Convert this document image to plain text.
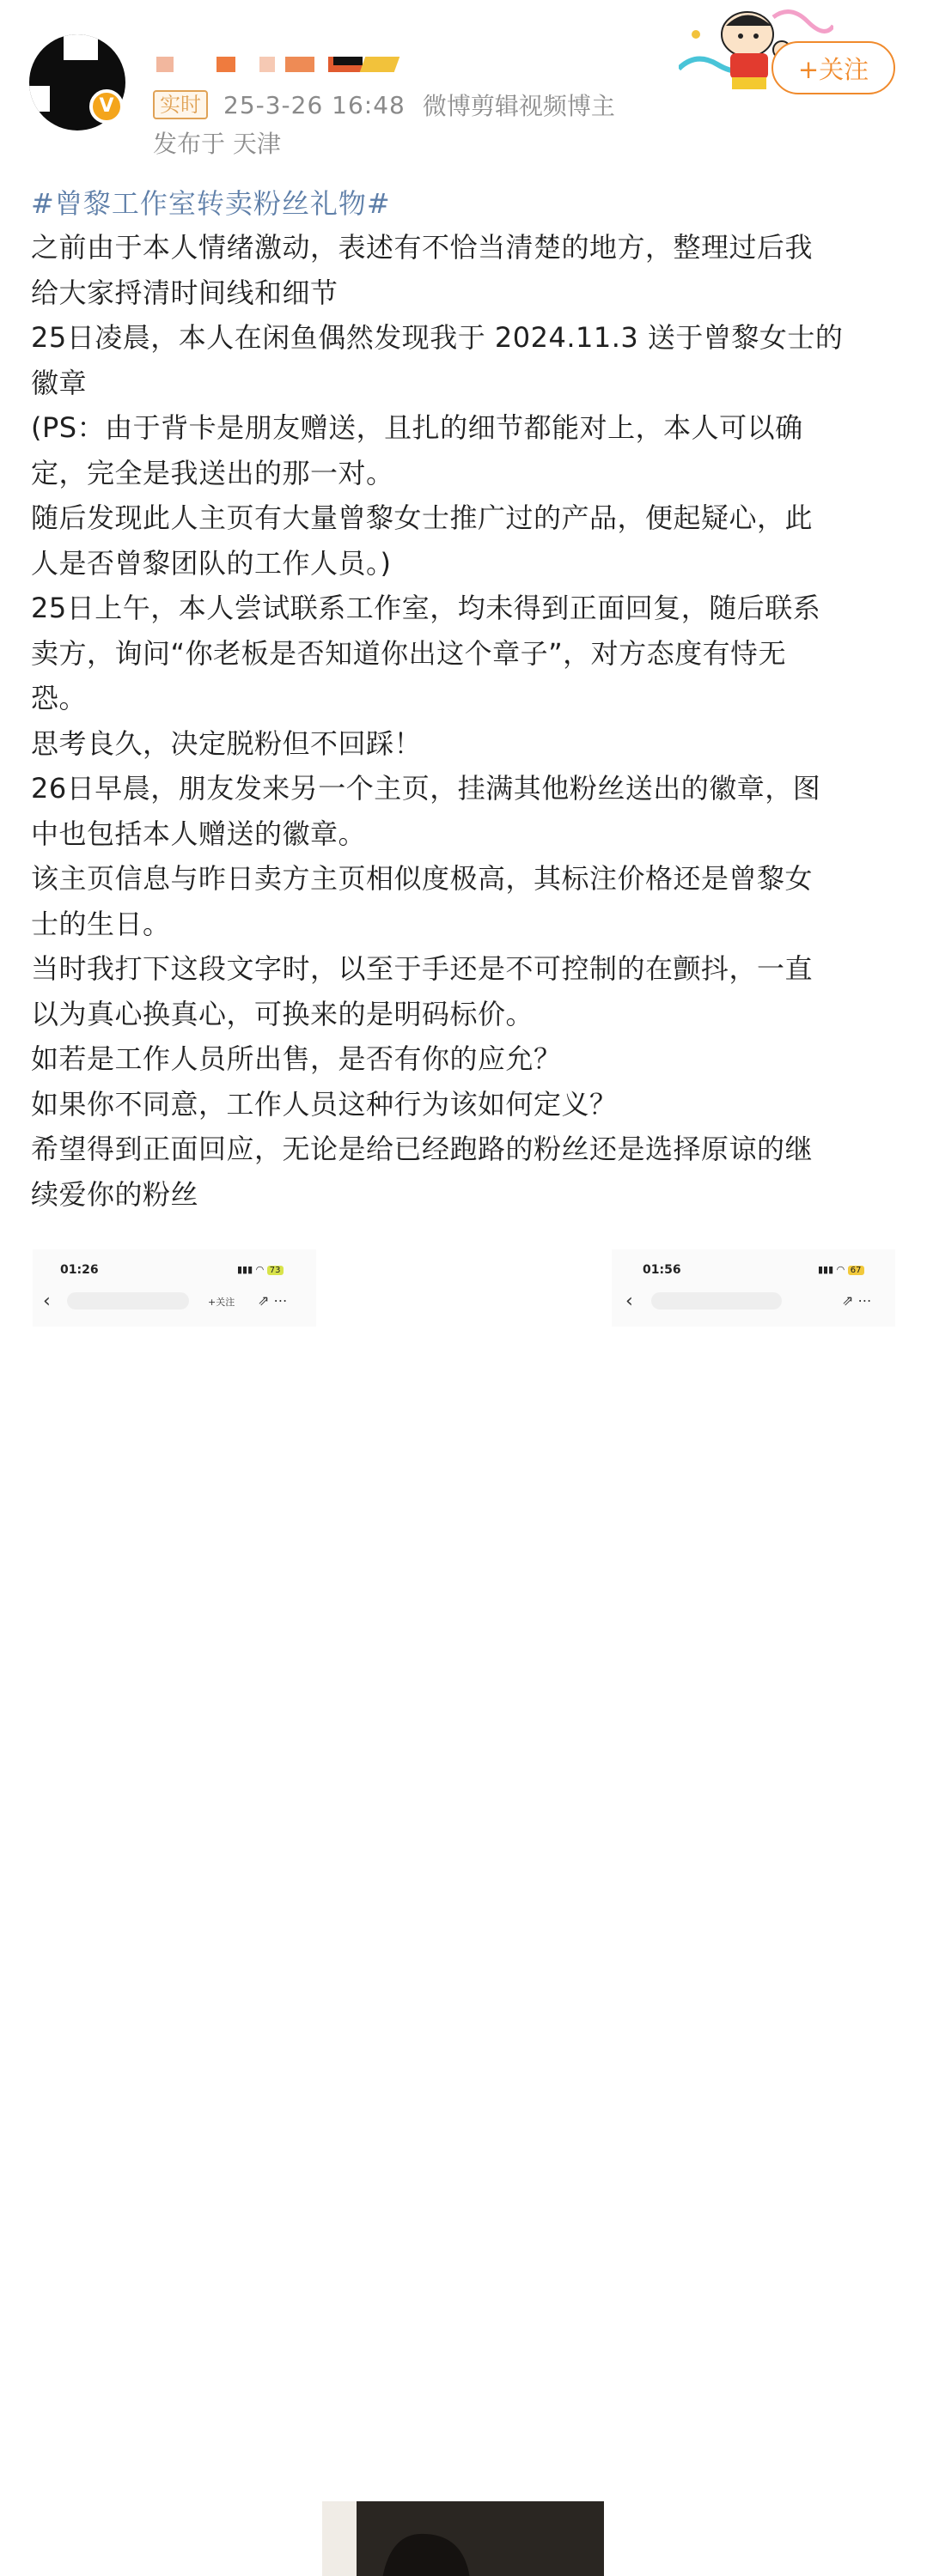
V	实时 25-3-26 16:48 微博剪辑视频博主
发布于 天津
+关注
#曾黎工作室转卖粉丝礼物#
之前由于本人情绪激动，表述有不恰当清楚的地方，整理过后我
给大家捋清时间线和细节
25日凌晨，本人在闲鱼偶然发现我于 2024.11.3 送于曾黎女士的
徽章
(PS：由于背卡是朋友赠送，且扎的细节都能对上，本人可以确
定，完全是我送出的那一对。
随后发现此人主页有大量曾黎女士推广过的产品，便起疑心，此
人是否曾黎团队的工作人员。)
25日上午，本人尝试联系工作室，均未得到正面回复，随后联系
卖方，询问“你老板是否知道你出这个章子”，对方态度有恃无
恐。
思考良久，决定脱粉但不回踩！
26日早晨，朋友发来另一个主页，挂满其他粉丝送出的徽章，图
中也包括本人赠送的徽章。
该主页信息与昨日卖方主页相似度极高，其标注价格还是曾黎女
士的生日。
当时我打下这段文字时，以至于手还是不可控制的在颤抖，一直
以为真心换真心，可换来的是明码标价。
如若是工作人员所出售，是否有你的应允？
如果你不同意，工作人员这种行为该如何定义？
希望得到正面回应，无论是给已经跑路的粉丝还是选择原谅的继
续爱你的粉丝
01:26	▮▮▮ ◠ 73
‹
	+关注 ⇗ ⋯
01:56	▮▮▮ ◠ 67
‹
	⇗ ⋯
